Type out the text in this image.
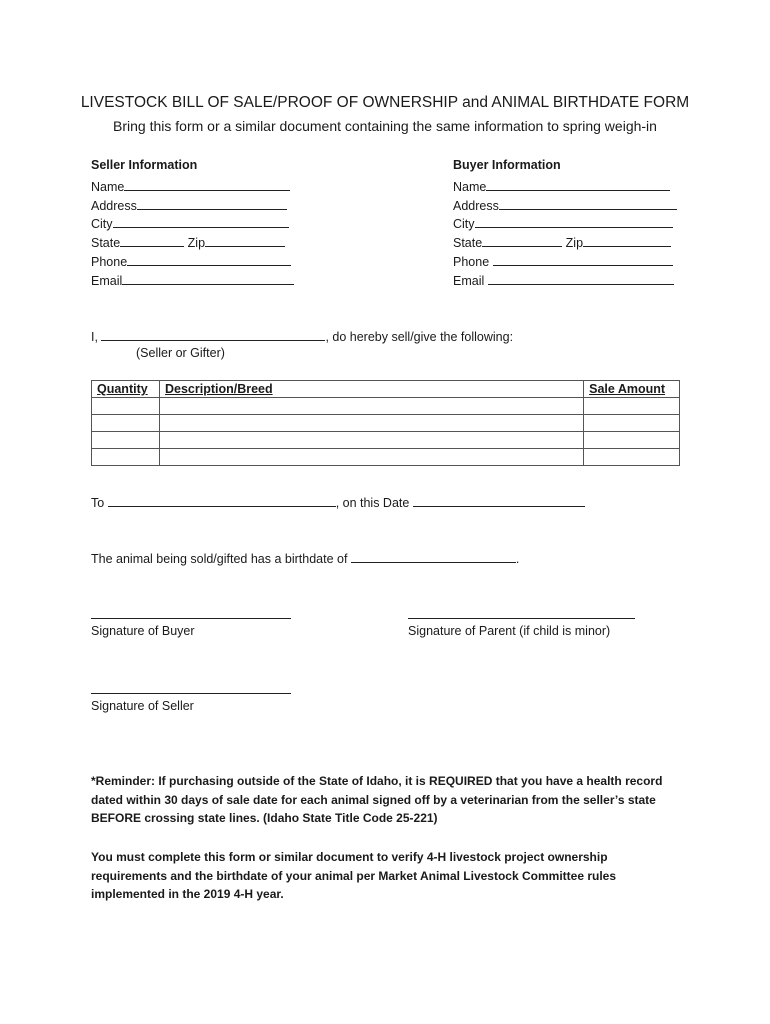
LIVESTOCK BILL OF SALE/PROOF OF OWNERSHIP and ANIMAL BIRTHDATE FORM
Bring this form or a similar document containing the same information to spring weigh-in
Seller Information
Name
Address
City
State	Zip
Phone
Email
Buyer Information
Name
Address
City
State	Zip
Phone
Email
I,	, do hereby sell/give the following:
(Seller or Gifter)
Quantity	Description/Breed	Sale Amount

To	, on this Date
The animal being sold/gifted has a birthdate of	.
Signature of Buyer	Signature of Parent (if child is minor)
Signature of Seller
*Reminder: If purchasing outside of the State of Idaho, it is REQUIRED that you have a health record dated within 30 days of sale date for each animal signed off by a veterinarian from the seller’s state BEFORE crossing state lines. (Idaho State Title Code 25-221)
You must complete this form or similar document to verify 4-H livestock project ownership requirements and the birthdate of your animal per Market Animal Livestock Committee rules implemented in the 2019 4-H year.
